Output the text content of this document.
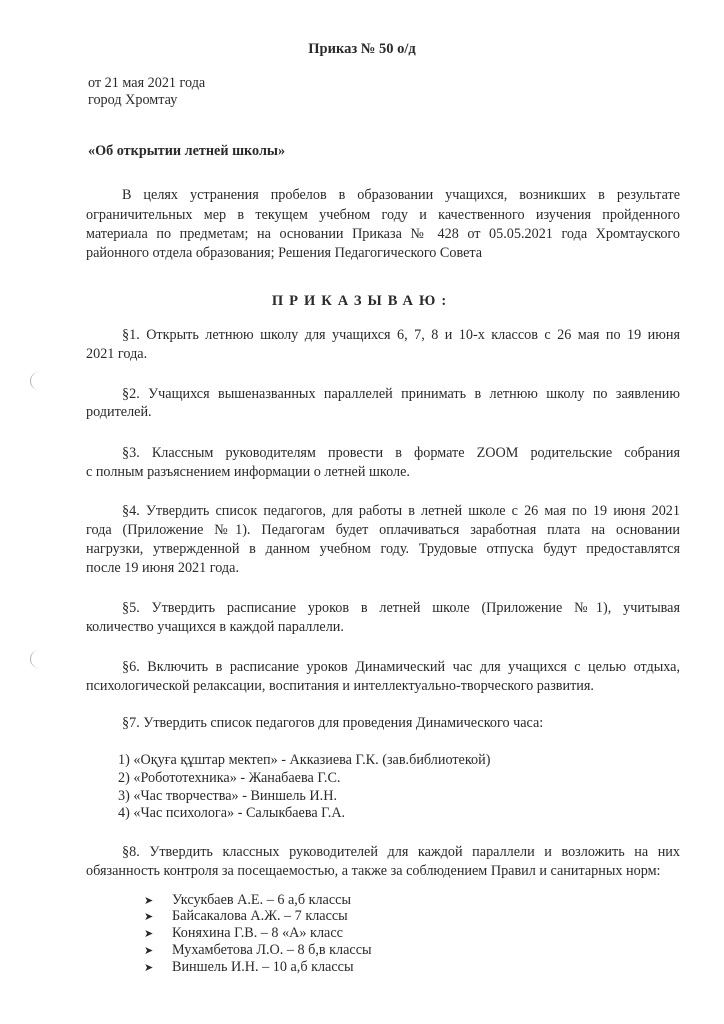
Приказ № 50 о/д
от 21 мая 2021 года
город Хромтау
«Об открытии летней школы»
В целях устранения пробелов в образовании учащихся, возникших в результате
ограничительных мер в текущем учебном году и качественного изучения пройденного
материала по предметам; на основании Приказа № 428 от 05.05.2021 года Хромтауского
районного отдела образования; Решения Педагогического Совета
ПРИКАЗЫВАЮ:
§1. Открыть летнюю школу для учащихся 6, 7, 8 и 10-х классов с 26 мая по 19 июня
2021 года.
§2. Учащихся вышеназванных параллелей принимать в летнюю школу по заявлению
родителей.
§3. Классным руководителям провести в формате ZOOM родительские собрания
с полным разъяснением информации о летней школе.
§4. Утвердить список педагогов, для работы в летней школе с 26 мая по 19 июня 2021
года (Приложение №1). Педагогам будет оплачиваться заработная плата на основании
нагрузки, утвержденной в данном учебном году. Трудовые отпуска будут предоставлятся
после 19 июня 2021 года.
§5. Утвердить расписание уроков в летней школе (Приложение №1), учитывая
количество учащихся в каждой параллели.
§6. Включить в расписание уроков Динамический час для учащихся с целью отдыха,
психологической релаксации, воспитания и интеллектуально-творческого развития.
§7. Утвердить список педагогов для проведения Динамического часа:
1) «Оқуға құштар мектеп» - Акказиева Г.К. (зав.библиотекой)
2) «Робототехника» - Жанабаева Г.С.
3) «Час творчества» - Виншель И.Н.
4) «Час психолога» - Салыкбаева Г.А.
§8. Утвердить классных руководителей для каждой параллели и возложить на них
обязанность контроля за посещаемостью, а также за соблюдением Правил и санитарных норм:
➤ Уксукбаев А.Е. – 6 а,б классы
➤ Байсакалова А.Ж. – 7 классы
➤ Коняхина Г.В. – 8 «А» класс
➤ Мухамбетова Л.О. – 8 б,в классы
➤ Виншель И.Н. – 10 а,б классы
